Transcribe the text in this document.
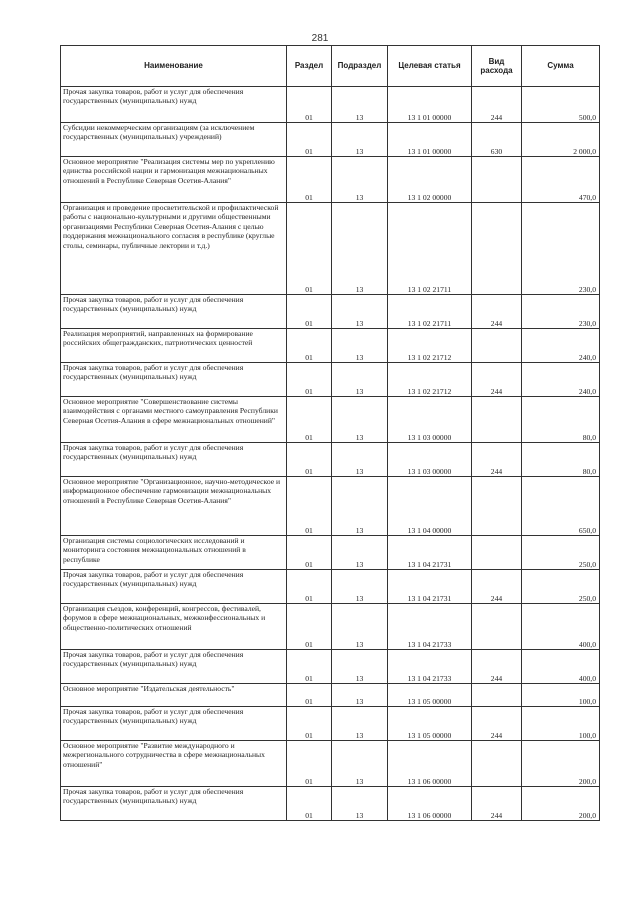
281
Наименование	Раздел	Подраздел	Целевая статья	Вид расхода	Сумма

Прочая закупка товаров, работ и услуг для обеспечения государственных (муниципальных) нужд	01	13	13 1 01 00000	244	500,0

Субсидии некоммерческим организациям (за исключением государственных (муниципальных) учреждений)	01	13	13 1 01 00000	630	2 000,0

Основное мероприятие "Реализация системы мер по укреплению единства российской нации и гармонизация межнациональных отношений в Республике Северная Осетия-Алания"	01	13	13 1 02 00000		470,0

Организация и проведение просветительской и профилактической работы с национально-культурными и другими общественными организациями Республики Северная Осетия-Алания с целью поддержания межнационального согласия в республике (круглые столы, семинары, публичные лектории и т.д.)	01	13	13 1 02 21711		230,0

Прочая закупка товаров, работ и услуг для обеспечения государственных (муниципальных) нужд	01	13	13 1 02 21711	244	230,0

Реализация мероприятий, направленных на формирование российских общегражданских, патриотических ценностей	01	13	13 1 02 21712		240,0

Прочая закупка товаров, работ и услуг для обеспечения государственных (муниципальных) нужд	01	13	13 1 02 21712	244	240,0

Основное мероприятие "Совершенствование системы взаимодействия с органами местного самоуправления Республики Северная Осетия-Алания в сфере межнациональных отношений"	01	13	13 1 03 00000		80,0

Прочая закупка товаров, работ и услуг для обеспечения государственных (муниципальных) нужд	01	13	13 1 03 00000	244	80,0

Основное мероприятие "Организационное, научно-методическое и информационное обеспечение гармонизации межнациональных отношений в Республике Северная Осетия-Алания"	01	13	13 1 04 00000		650,0

Организация системы социологических исследований и мониторинга состояния межнациональных отношений в республике	01	13	13 1 04 21731		250,0

Прочая закупка товаров, работ и услуг для обеспечения государственных (муниципальных) нужд	01	13	13 1 04 21731	244	250,0

Организация съездов, конференций, конгрессов, фестивалей, форумов в сфере межнациональных, межконфессиональных и общественно-политических отношений	01	13	13 1 04 21733		400,0

Прочая закупка товаров, работ и услуг для обеспечения государственных (муниципальных) нужд	01	13	13 1 04 21733	244	400,0

Основное мероприятие "Издательская деятельность"	01	13	13 1 05 00000		100,0

Прочая закупка товаров, работ и услуг для обеспечения государственных (муниципальных) нужд	01	13	13 1 05 00000	244	100,0

Основное мероприятие "Развитие международного и межрегионального сотрудничества в сфере межнациональных отношений"	01	13	13 1 06 00000		200,0

Прочая закупка товаров, работ и услуг для обеспечения государственных (муниципальных) нужд	01	13	13 1 06 00000	244	200,0
